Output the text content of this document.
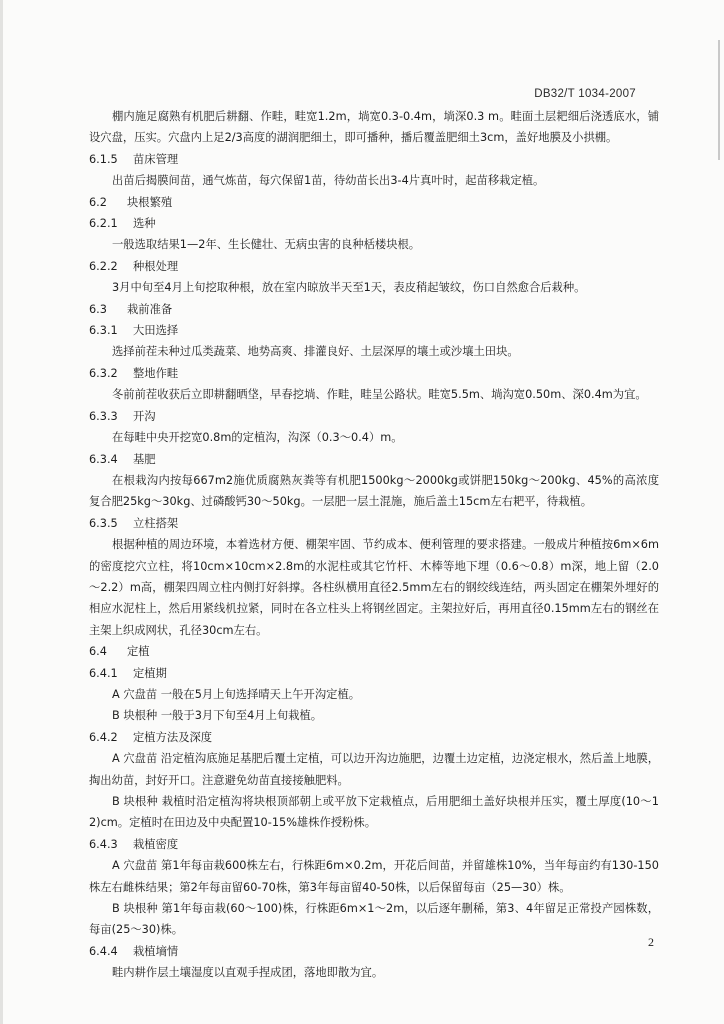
DB32/T 1034-2007
棚内施足腐熟有机肥后耕翻、作畦，畦宽1.2m，埫宽0.3-0.4m，埫深0.3 m。畦面土层耙细后浇透底水，铺设穴盘，压实。穴盘内上足2/3高度的湖润肥细土，即可播种，播后覆盖肥细土3cm，盖好地膜及小拱棚。
6.1.5 苗床管理
出苗后揭膜间苗，通气炼苗，每穴保留1苗，待幼苗长出3-4片真叶时，起苗移栽定植。
6.2 块根繁殖
6.2.1 选种
一般选取结果1—2年、生长健壮、无病虫害的良种栝楼块根。
6.2.2 种根处理
3月中旬至4月上旬挖取种根，放在室内晾放半天至1天，表皮稍起皱纹，伤口自然愈合后栽种。
6.3 栽前准备
6.3.1 大田选择
选择前茬未种过瓜类蔬菜、地势高爽、排灌良好、土层深厚的壤土或沙壤土田块。
6.3.2 整地作畦
冬前前茬收获后立即耕翻晒垡，早春挖埫、作畦，畦呈公路状。畦宽5.5m、埫沟宽0.50m、深0.4m为宜。
6.3.3 开沟
在每畦中央开挖宽0.8m的定植沟，沟深（0.3～0.4）m。
6.3.4 基肥
在根栽沟内按每667m2施优质腐熟灰粪等有机肥1500kg～2000kg或饼肥150kg～200kg、45%的高浓度复合肥25kg～30kg、过磷酸钙30～50kg。一层肥一层土混施，施后盖土15cm左右耙平，待栽植。
6.3.5 立柱搭架
根据种植的周边环境，本着选材方便、棚架牢固、节约成本、便利管理的要求搭建。一般成片种植按6m×6m的密度挖穴立柱，将10cm×10cm×2.8m的水泥柱或其它竹杆、木棒等地下埋（0.6～0.8）m深，地上留（2.0～2.2）m高，棚架四周立柱内侧打好斜撑。各柱纵横用直径2.5mm左右的钢绞线连结，两头固定在棚架外埋好的相应水泥柱上，然后用紧线机拉紧，同时在各立柱头上将钢丝固定。主架拉好后，再用直径0.15mm左右的钢丝在主架上织成网状，孔径30cm左右。
6.4 定植
6.4.1 定植期
A 穴盘苗 一般在5月上旬选择晴天上午开沟定植。
B 块根种 一般于3月下旬至4月上旬栽植。
6.4.2 定植方法及深度
A 穴盘苗 沿定植沟底施足基肥后覆土定植，可以边开沟边施肥，边覆土边定植，边浇定根水，然后盖上地膜，掏出幼苗，封好开口。注意避免幼苗直接接触肥料。
B 块根种 栽植时沿定植沟将块根顶部朝上或平放下定栽植点，后用肥细土盖好块根并压实，覆土厚度(10～12)cm。定植时在田边及中央配置10-15%雄株作授粉株。
6.4.3 栽植密度
A 穴盘苗 第1年每亩栽600株左右，行株距6m×0.2m，开花后间苗，并留雄株10%，当年每亩约有130-150株左右雌株结果；第2年每亩留60-70株，第3年每亩留40-50株，以后保留每亩（25—30）株。
B 块根种 第1年每亩栽(60～100)株，行株距6m×1～2m，以后逐年删稀，第3、4年留足正常投产园株数，每亩(25～30)株。
6.4.4 栽植墒情
畦内耕作层土壤湿度以直观手捏成团，落地即散为宜。
2
